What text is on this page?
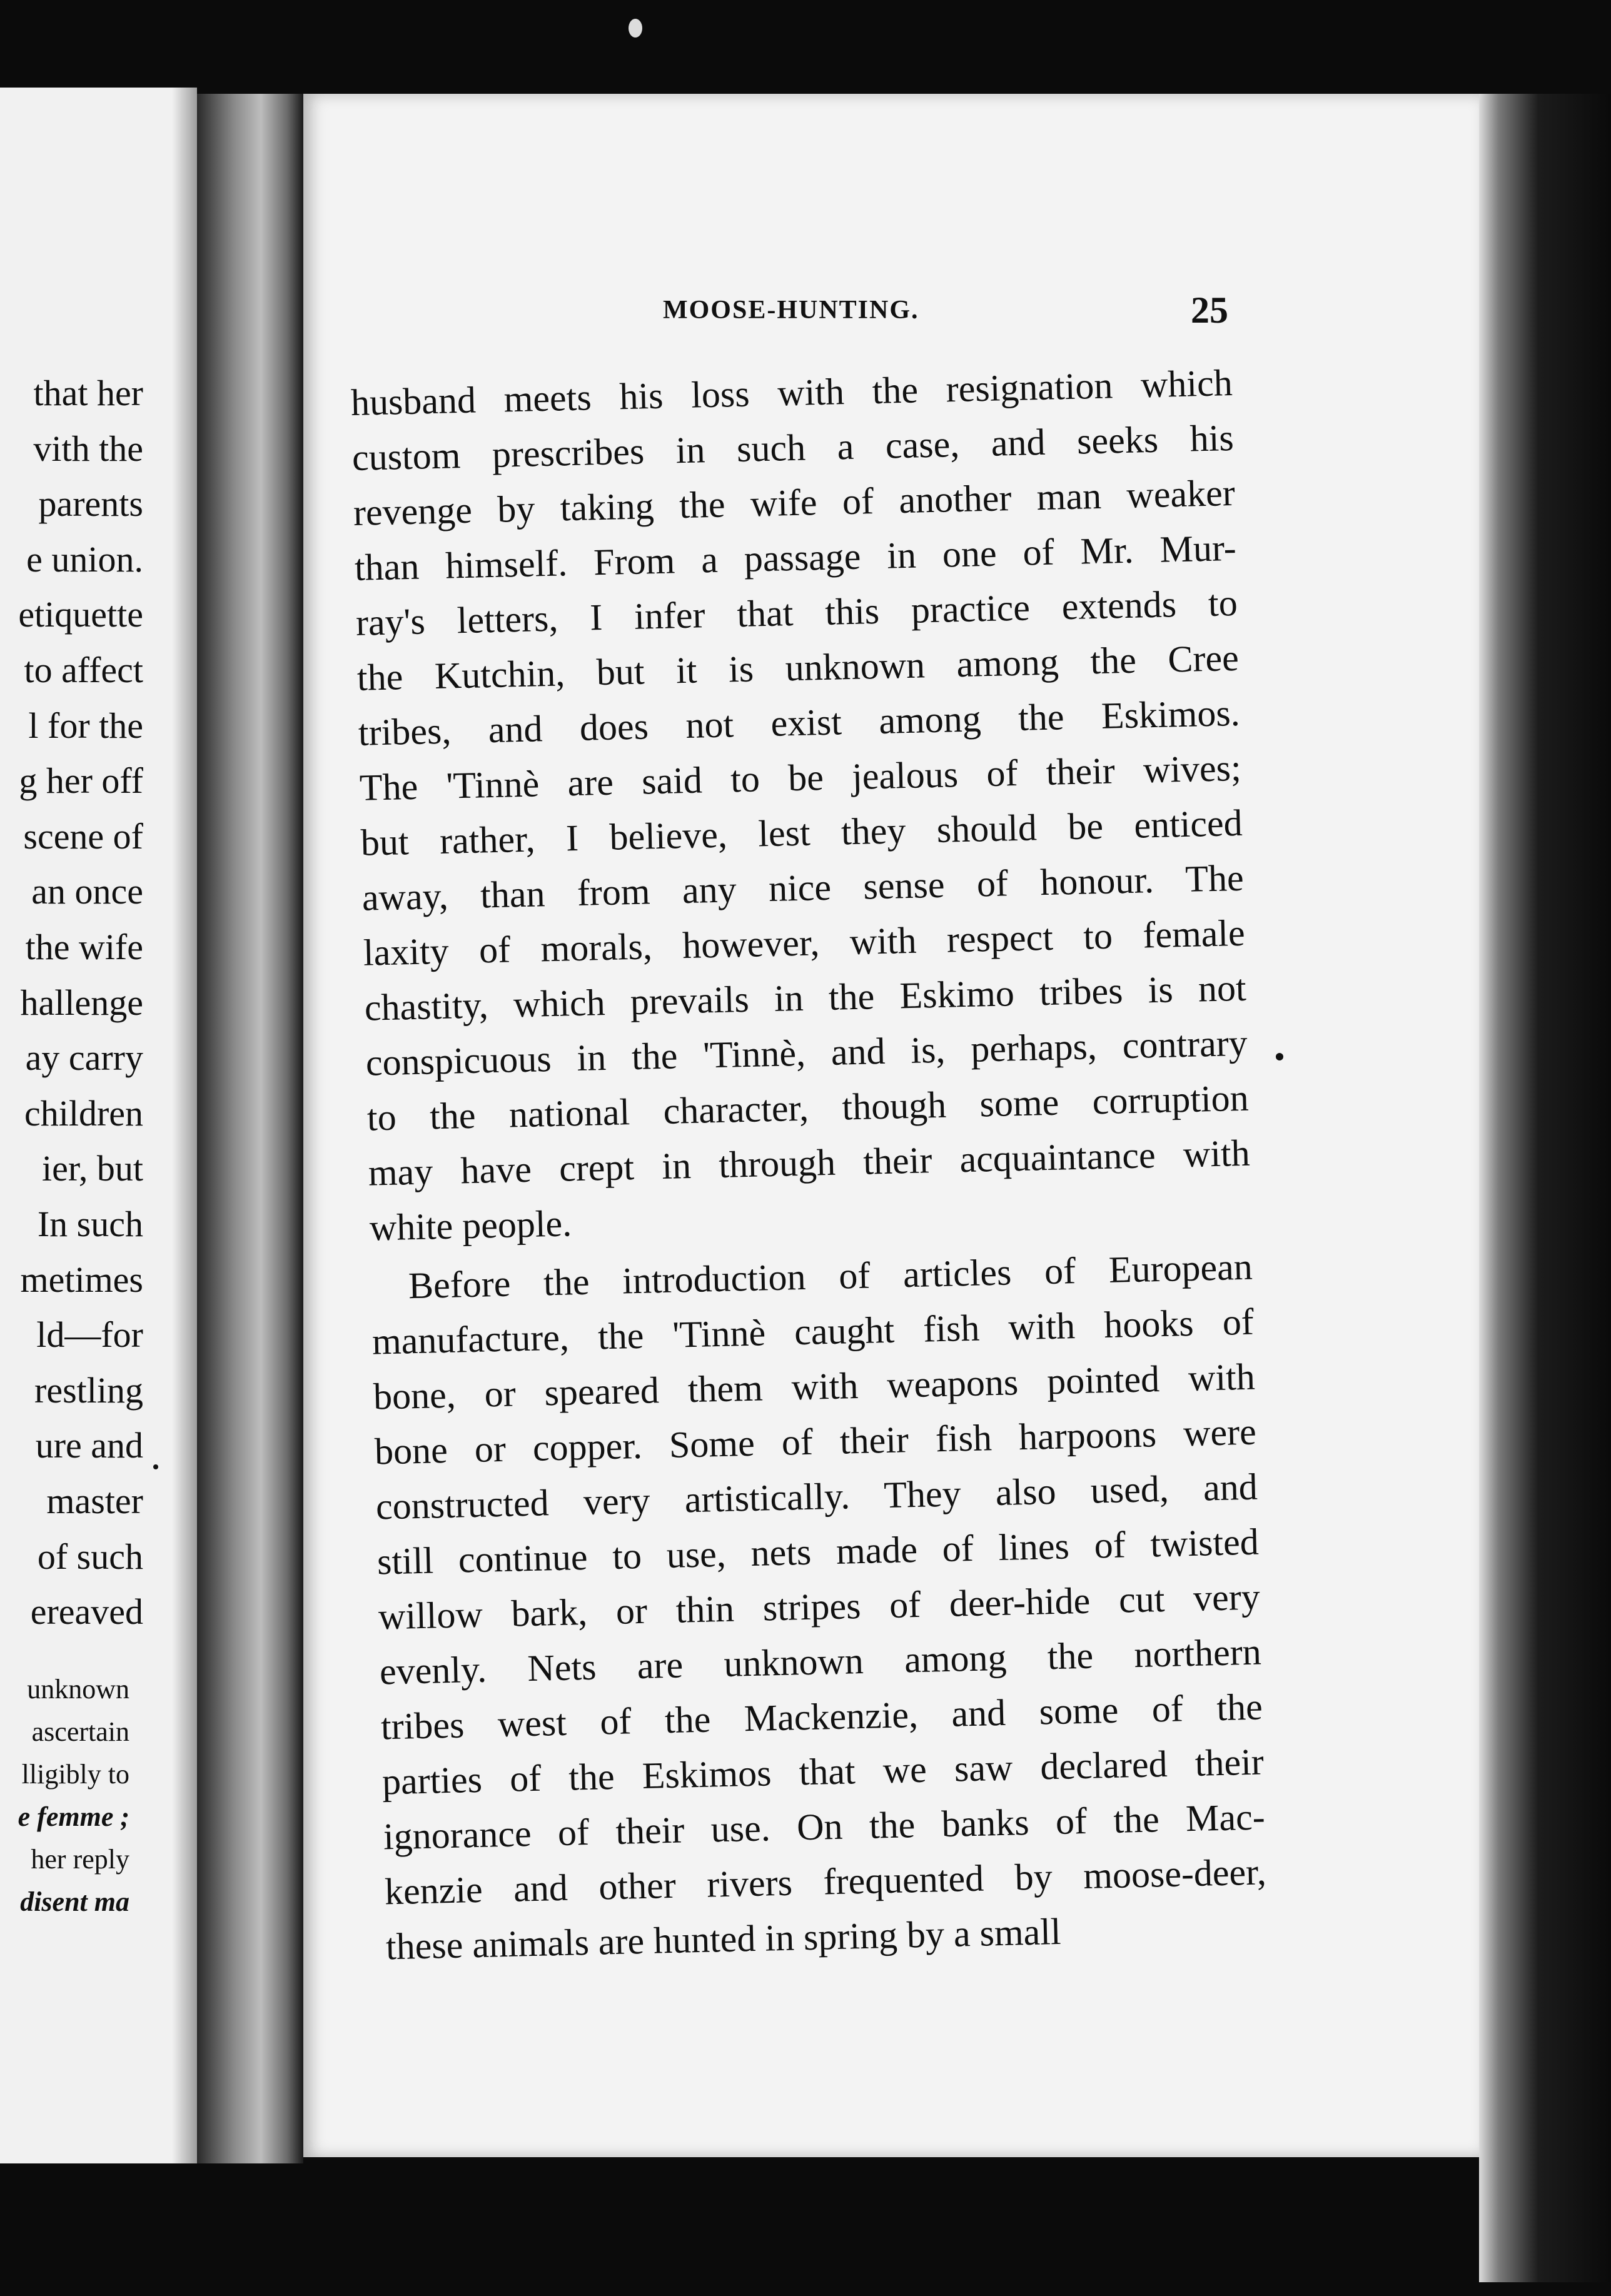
that her
vith the
parents
e union.
etiquette
to affect
l for the
g her off
scene of
an once
the wife
hallenge
ay carry
children
ier, but
In such
metimes
ld—for
restling
ure and
master
of such
ereaved
unknown
ascertain
lligibly to
e femme ;
her reply
disent ma
MOOSE-HUNTING.	25
husband meets his loss with the resignation which
custom prescribes in such a case, and seeks his
revenge by taking the wife of another man weaker
than himself. From a passage in one of Mr. Mur-
ray's letters, I infer that this practice extends to
the Kutchin, but it is unknown among the Cree
tribes, and does not exist among the Eskimos.
The 'Tinnè are said to be jealous of their wives;
but rather, I believe, lest they should be enticed
away, than from any nice sense of honour. The
laxity of morals, however, with respect to female
chastity, which prevails in the Eskimo tribes is not
conspicuous in the 'Tinnè, and is, perhaps, contrary
to the national character, though some corruption
may have crept in through their acquaintance with
white people.
Before the introduction of articles of European
manufacture, the 'Tinnè caught fish with hooks of
bone, or speared them with weapons pointed with
bone or copper. Some of their fish harpoons were
constructed very artistically. They also used, and
still continue to use, nets made of lines of twisted
willow bark, or thin stripes of deer-hide cut very
evenly. Nets are unknown among the northern
tribes west of the Mackenzie, and some of the
parties of the Eskimos that we saw declared their
ignorance of their use. On the banks of the Mac-
kenzie and other rivers frequented by moose-deer,
these animals are hunted in spring by a small
